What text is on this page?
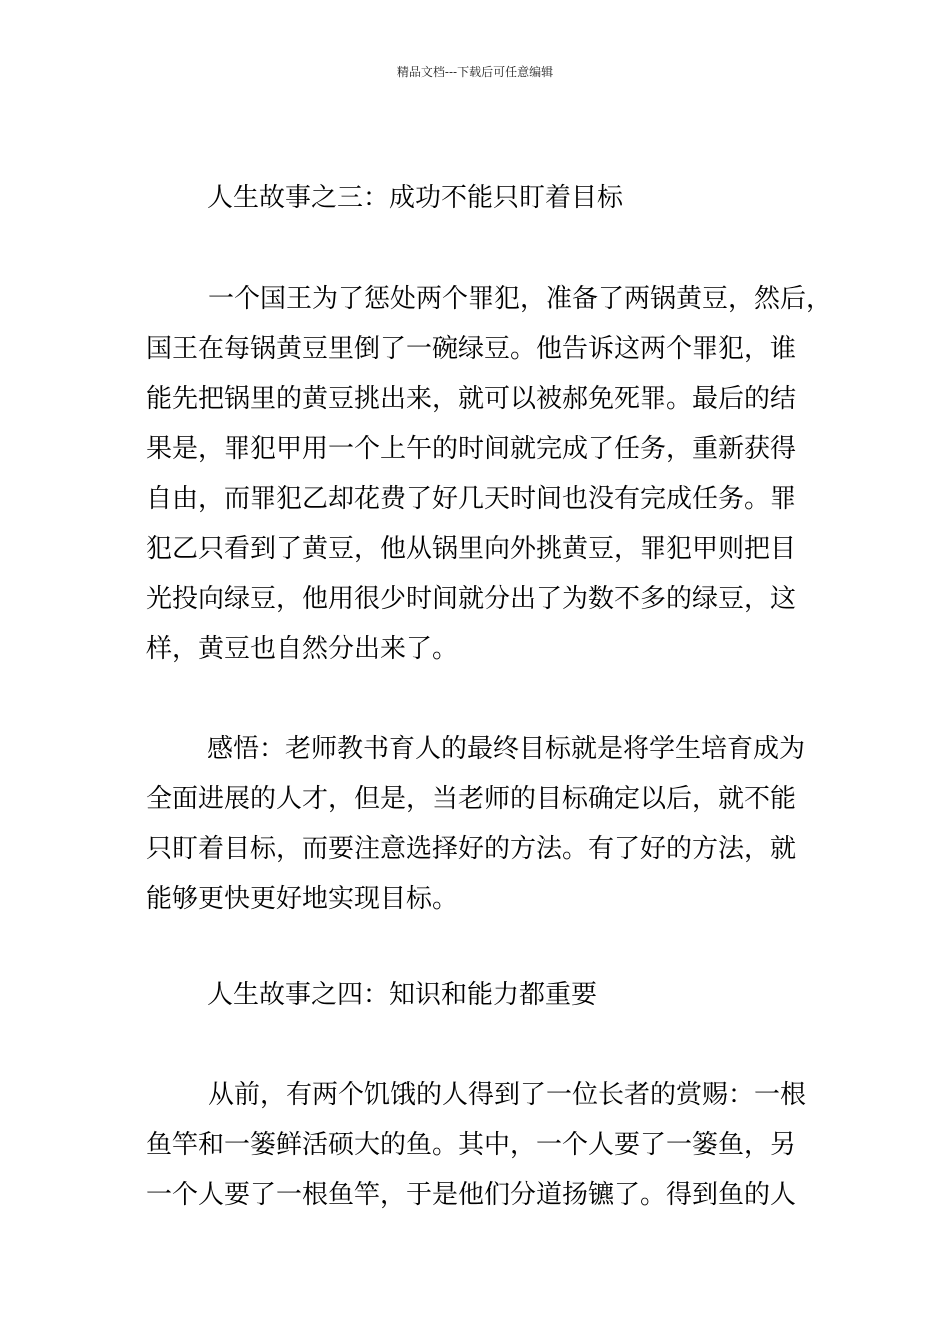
精品文档---下载后可任意编辑
人生故事之三：成功不能只盯着目标
一个国王为了惩处两个罪犯，准备了两锅黄豆，然后，
国王在每锅黄豆里倒了一碗绿豆。他告诉这两个罪犯，谁
能先把锅里的黄豆挑出来，就可以被郝免死罪。最后的结
果是，罪犯甲用一个上午的时间就完成了任务，重新获得
自由，而罪犯乙却花费了好几天时间也没有完成任务。罪
犯乙只看到了黄豆，他从锅里向外挑黄豆，罪犯甲则把目
光投向绿豆，他用很少时间就分出了为数不多的绿豆，这
样，黄豆也自然分出来了。
感悟：老师教书育人的最终目标就是将学生培育成为
全面进展的人才，但是，当老师的目标确定以后，就不能
只盯着目标，而要注意选择好的方法。有了好的方法，就
能够更快更好地实现目标。
人生故事之四：知识和能力都重要
从前，有两个饥饿的人得到了一位长者的赏赐：一根
鱼竿和一篓鲜活硕大的鱼。其中，一个人要了一篓鱼，另
一个人要了一根鱼竿，于是他们分道扬镳了。得到鱼的人
